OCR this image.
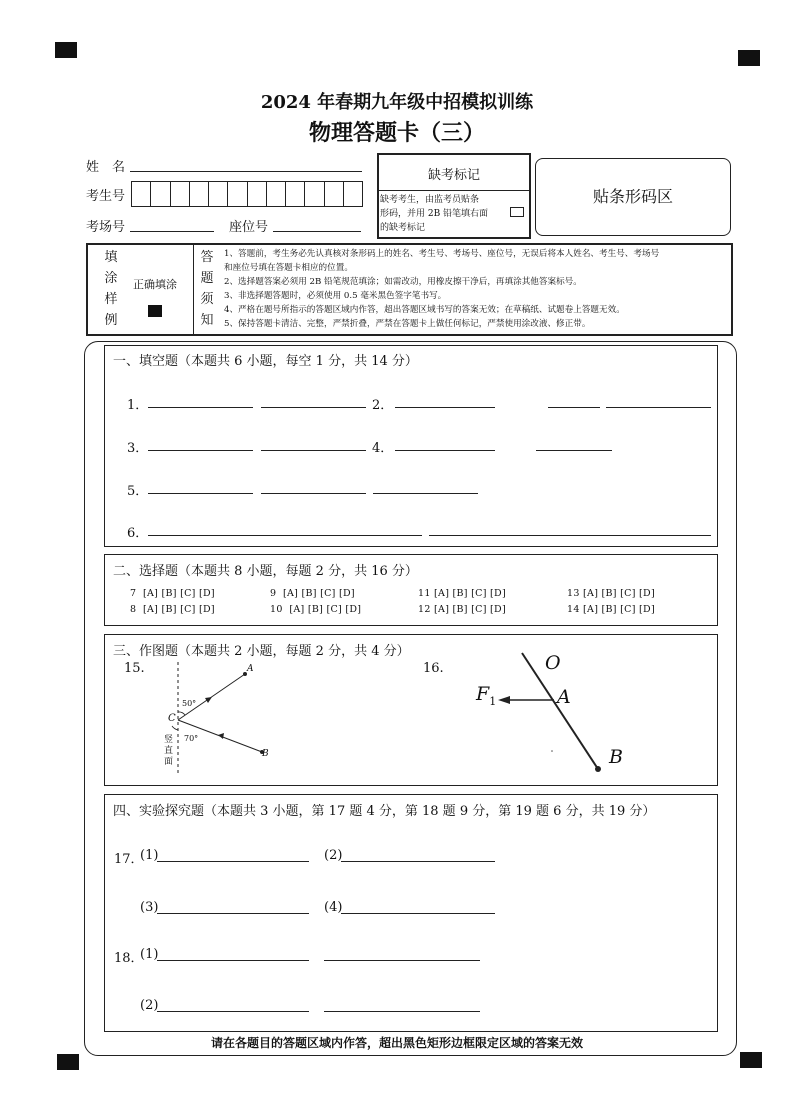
2024 年春期九年级中招模拟训练
物理答题卡（三）
姓　名
考生号
考场号	座位号
缺考标记
缺考考生，由监考员贴条
形码，并用 2B 铅笔填右面
的缺考标记
贴条形码区
填
涂
样
例
正确填涂
答
题
须
知
1、答题前，考生务必先认真核对条形码上的姓名、考生号、考场号、座位号，无误后将本人姓名、考生号、考场号
和座位号填在答题卡相应的位置。
2、选择题答案必须用 2B 铅笔规范填涂；如需改动，用橡皮擦干净后，再填涂其他答案标号。
3、非选择题答题时，必须使用 0.5 毫米黑色签字笔书写。
4、严格在题号所指示的答题区域内作答，超出答题区域书写的答案无效；在草稿纸、试题卷上答题无效。
5、保持答题卡清洁、完整，严禁折叠，严禁在答题卡上做任何标记，严禁使用涂改液、修正带。
一、填空题（本题共 6 小题，每空 1 分，共 14 分）
1．	2．
3．	4．
5．
6．
二、选择题（本题共 8 小题，每题 2 分，共 16 分）
7 [A] [B] [C] [D]
8 [A] [B] [C] [D]
9 [A] [B] [C] [D]
10 [A] [B] [C] [D]
11 [A] [B] [C] [D]
12 [A] [B] [C] [D]
13 [A] [B] [C] [D]
14 [A] [B] [C] [D]
三、作图题（本题共 2 小题，每题 2 分，共 4 分）
15.	A
B
C
50°
70°
竖直面
16.	O
A
B
$F_1$
四、实验探究题（本题共 3 小题，第 17 题 4 分，第 18 题 9 分，第 19 题 6 分，共 19 分）
17．
(1)	(2)
(3)	(4)
18．
(1)
(2)
请在各题目的答题区域内作答，超出黑色矩形边框限定区域的答案无效
